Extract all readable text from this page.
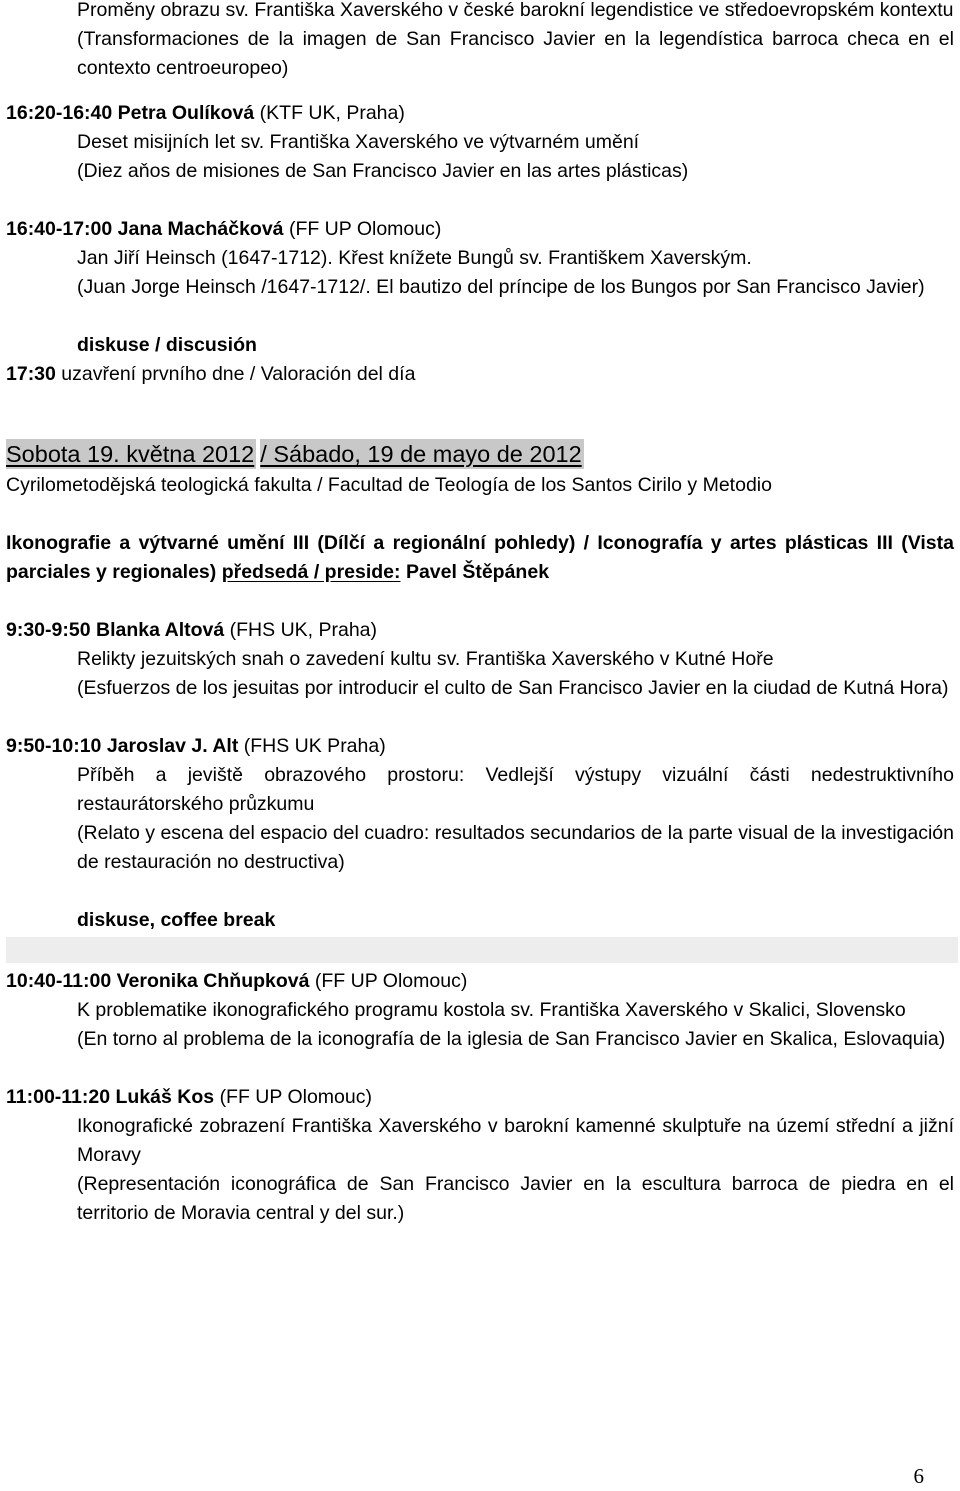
Proměny obrazu sv. Františka Xaverského v české barokní legendistice ve středoevropském kontextu
(Transformaciones de la imagen de San Francisco Javier en la legendística barroca checa en el contexto centroeuropeo)
16:20-16:40 Petra Oulíková (KTF UK, Praha)
Deset misijních let sv. Františka Xaverského ve výtvarném umění
(Diez aňos de misiones de San Francisco Javier en las artes plásticas)
16:40-17:00 Jana Macháčková (FF UP Olomouc)
Jan Jiří Heinsch (1647-1712). Křest knížete Bungů sv. Františkem Xaverským.
(Juan Jorge Heinsch /1647-1712/. El bautizo del príncipe de los Bungos por San Francisco Javier)
diskuse / discusión
17:30 uzavření prvního dne / Valoración del día
Sobota 19. května 2012 / Sábado, 19 de mayo de 2012
Cyrilometodějská teologická fakulta / Facultad de Teología de los Santos Cirilo y Metodio
Ikonografie a výtvarné umění III (Dílčí a regionální pohledy) / Iconografía y artes plásticas III (Vista parciales y regionales) předsedá / preside: Pavel Štěpánek
9:30-9:50 Blanka Altová (FHS UK, Praha)
Relikty jezuitských snah o zavedení kultu sv. Františka Xaverského v Kutné Hoře
(Esfuerzos de los jesuitas por introducir el culto de San Francisco Javier en la ciudad de Kutná Hora)
9:50-10:10 Jaroslav J. Alt (FHS UK Praha)
Příběh a jeviště obrazového prostoru: Vedlejší výstupy vizuální části nedestruktivního restaurátorského průzkumu
(Relato y escena del espacio del cuadro: resultados secundarios de la parte visual de la investigación de restauración no destructiva)
diskuse, coffee break
10:40-11:00 Veronika Chňupková (FF UP Olomouc)
K problematike ikonografického programu kostola sv. Františka Xaverského v Skalici, Slovensko
(En torno al problema de la iconografía de la iglesia de San Francisco Javier en Skalica, Eslovaquia)
11:00-11:20 Lukáš Kos (FF UP Olomouc)
Ikonografické zobrazení Františka Xaverského v barokní kamenné skulptuře na území střední a jižní Moravy
(Representación iconográfica de San Francisco Javier en la escultura barroca de piedra en el territorio de Moravia central y del sur.)
6
